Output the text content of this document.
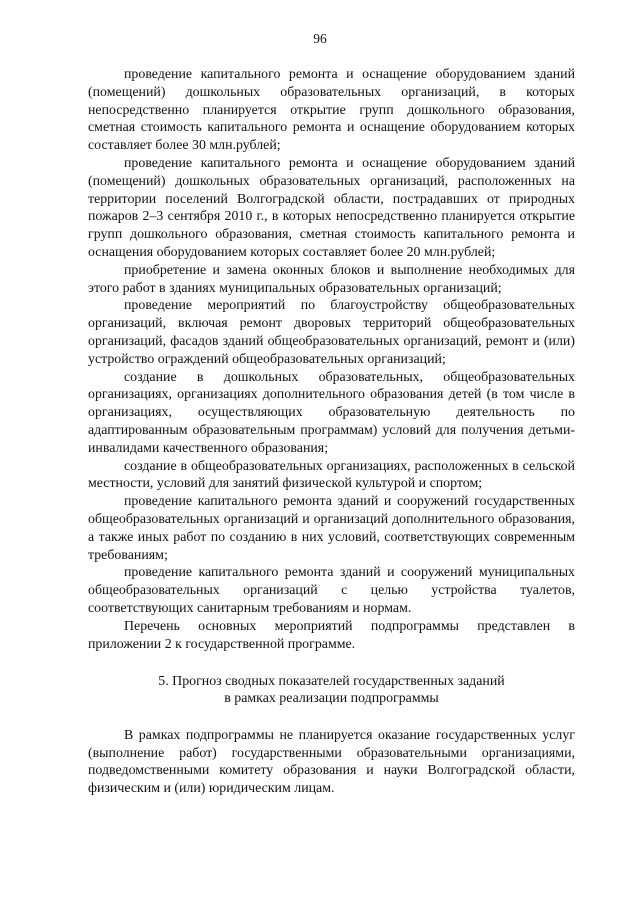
96

проведение капитального ремонта и оснащение оборудованием зданий (помещений) дошкольных образовательных организаций, в которых непосредственно планируется открытие групп дошкольного образования, сметная стоимость капитального ремонта и оснащение оборудованием которых составляет более 30 млн.рублей;

проведение капитального ремонта и оснащение оборудованием зданий (помещений) дошкольных образовательных организаций, расположенных на территории поселений Волгоградской области, пострадавших от природных пожаров 2–3 сентября 2010 г., в которых непосредственно планируется открытие групп дошкольного образования, сметная стоимость капитального ремонта и оснащения оборудованием которых составляет более 20 млн.рублей;

приобретение и замена оконных блоков и выполнение необходимых для этого работ в зданиях муниципальных образовательных организаций;

проведение мероприятий по благоустройству общеобразовательных организаций, включая ремонт дворовых территорий общеобразовательных организаций, фасадов зданий общеобразовательных организаций, ремонт и (или) устройство ограждений общеобразовательных организаций;

создание в дошкольных образовательных, общеобразовательных организациях, организациях дополнительного образования детей (в том числе в организациях, осуществляющих образовательную деятельность по адаптированным образовательным программам) условий для получения детьми-инвалидами качественного образования;

создание в общеобразовательных организациях, расположенных в сельской местности, условий для занятий физической культурой и спортом;

проведение капитального ремонта зданий и сооружений государственных общеобразовательных организаций и организаций дополнительного образования, а также иных работ по созданию в них условий, соответствующих современным требованиям;

проведение капитального ремонта зданий и сооружений муниципальных общеобразовательных организаций с целью устройства туалетов, соответствующих санитарным требованиям и нормам.

Перечень основных мероприятий подпрограммы представлен в приложении 2 к государственной программе.

5. Прогноз сводных показателей государственных заданий
в рамках реализации подпрограммы

В рамках подпрограммы не планируется оказание государственных услуг (выполнение работ) государственными образовательными организациями, подведомственными комитету образования и науки Волгоградской области, физическим и (или) юридическим лицам.
